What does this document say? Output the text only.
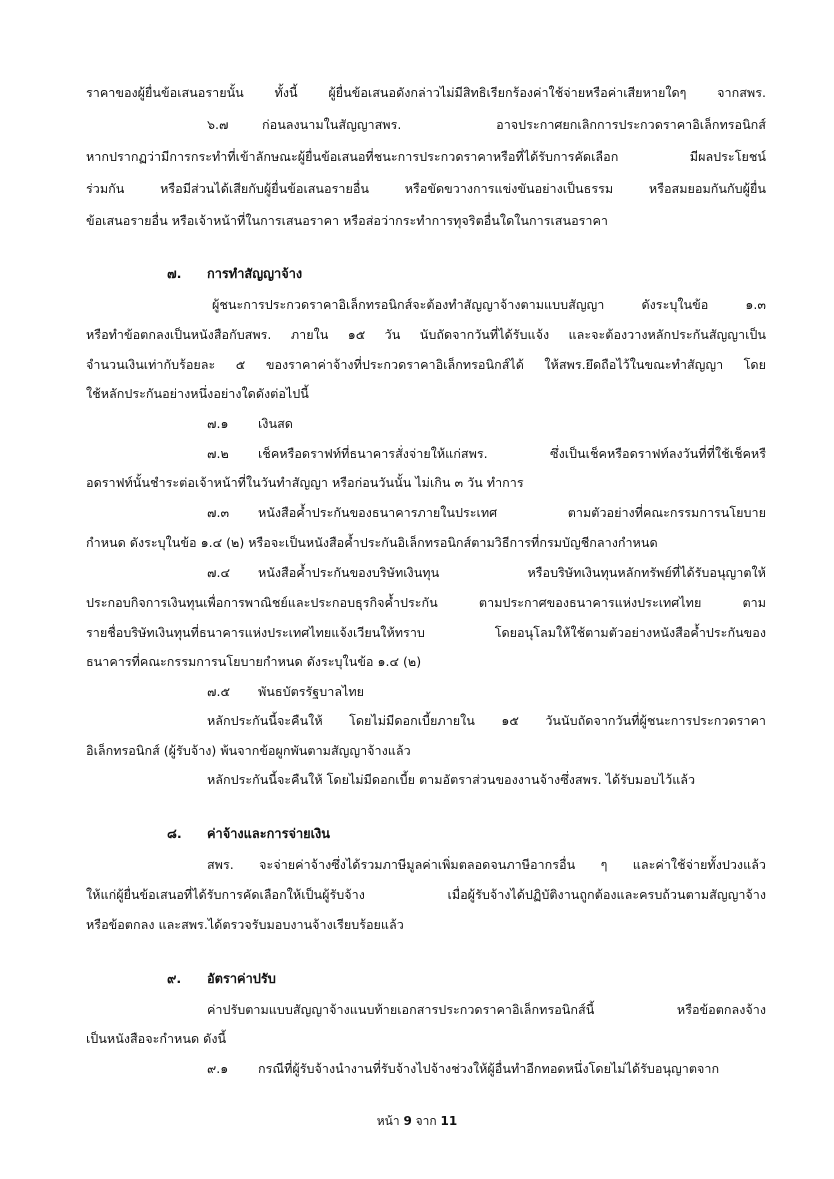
ราคาของผู้ยื่นข้อเสนอรายนั้น ทั้งนี้ ผู้ยื่นข้อเสนอดังกล่าวไม่มีสิทธิเรียกร้องค่าใช้จ่ายหรือค่าเสียหายใดๆ จากสพร.
๖.๗	ก่อนลงนามในสัญญาสพร. อาจประกาศยกเลิกการประกวดราคาอิเล็กทรอนิกส์
หากปรากฏว่ามีการกระทำที่เข้าลักษณะผู้ยื่นข้อเสนอที่ชนะการประกวดราคาหรือที่ได้รับการคัดเลือก มีผลประโยชน์
ร่วมกัน หรือมีส่วนได้เสียกับผู้ยื่นข้อเสนอรายอื่น หรือขัดขวางการแข่งขันอย่างเป็นธรรม หรือสมยอมกันกับผู้ยื่น
ข้อเสนอรายอื่น หรือเจ้าหน้าที่ในการเสนอราคา หรือส่อว่ากระทำการทุจริตอื่นใดในการเสนอราคา
๗. การทำสัญญาจ้าง
ผู้ชนะการประกวดราคาอิเล็กทรอนิกส์จะต้องทำสัญญาจ้างตามแบบสัญญา ดังระบุในข้อ ๑.๓
หรือทำข้อตกลงเป็นหนังสือกับสพร. ภายใน ๑๕ วัน นับถัดจากวันที่ได้รับแจ้ง และจะต้องวางหลักประกันสัญญาเป็น
จำนวนเงินเท่ากับร้อยละ ๕ ของราคาค่าจ้างที่ประกวดราคาอิเล็กทรอนิกส์ได้ ให้สพร.ยึดถือไว้ในขณะทำสัญญา โดย
ใช้หลักประกันอย่างหนึ่งอย่างใดดังต่อไปนี้
๗.๑ เงินสด
๗.๒ เช็คหรือดราฟท์ที่ธนาคารสั่งจ่ายให้แก่สพร. ซึ่งเป็นเช็คหรือดราฟท์ลงวันที่ที่ใช้เช็คหรื
อดราฟท์นั้นชำระต่อเจ้าหน้าที่ในวันทำสัญญา หรือก่อนวันนั้น ไม่เกิน ๓ วัน ทำการ
๗.๓ หนังสือค้ำประกันของธนาคารภายในประเทศ ตามตัวอย่างที่คณะกรรมการนโยบาย
กำหนด ดังระบุในข้อ ๑.๔ (๒) หรือจะเป็นหนังสือค้ำประกันอิเล็กทรอนิกส์ตามวิธีการที่กรมบัญชีกลางกำหนด
๗.๔ หนังสือค้ำประกันของบริษัทเงินทุน หรือบริษัทเงินทุนหลักทรัพย์ที่ได้รับอนุญาตให้
ประกอบกิจการเงินทุนเพื่อการพาณิชย์และประกอบธุรกิจค้ำประกัน ตามประกาศของธนาคารแห่งประเทศไทย ตาม
รายชื่อบริษัทเงินทุนที่ธนาคารแห่งประเทศไทยแจ้งเวียนให้ทราบ โดยอนุโลมให้ใช้ตามตัวอย่างหนังสือค้ำประกันของ
ธนาคารที่คณะกรรมการนโยบายกำหนด ดังระบุในข้อ ๑.๔ (๒)
๗.๕ พันธบัตรรัฐบาลไทย
หลักประกันนี้จะคืนให้ โดยไม่มีดอกเบี้ยภายใน ๑๕ วันนับถัดจากวันที่ผู้ชนะการประกวดราคา
อิเล็กทรอนิกส์ (ผู้รับจ้าง) พ้นจากข้อผูกพันตามสัญญาจ้างแล้ว
หลักประกันนี้จะคืนให้ โดยไม่มีดอกเบี้ย ตามอัตราส่วนของงานจ้างซึ่งสพร. ได้รับมอบไว้แล้ว
๘. ค่าจ้างและการจ่ายเงิน
สพร. จะจ่ายค่าจ้างซึ่งได้รวมภาษีมูลค่าเพิ่มตลอดจนภาษีอากรอื่น ๆ และค่าใช้จ่ายทั้งปวงแล้ว
ให้แก่ผู้ยื่นข้อเสนอที่ได้รับการคัดเลือกให้เป็นผู้รับจ้าง เมื่อผู้รับจ้างได้ปฏิบัติงานถูกต้องและครบถ้วนตามสัญญาจ้าง
หรือข้อตกลง และสพร.ได้ตรวจรับมอบงานจ้างเรียบร้อยแล้ว
๙. อัตราค่าปรับ
ค่าปรับตามแบบสัญญาจ้างแนบท้ายเอกสารประกวดราคาอิเล็กทรอนิกส์นี้ หรือข้อตกลงจ้าง
เป็นหนังสือจะกำหนด ดังนี้
๙.๑ กรณีที่ผู้รับจ้างนำงานที่รับจ้างไปจ้างช่วงให้ผู้อื่นทำอีกทอดหนึ่งโดยไม่ได้รับอนุญาตจาก
หน้า 9 จาก 11
